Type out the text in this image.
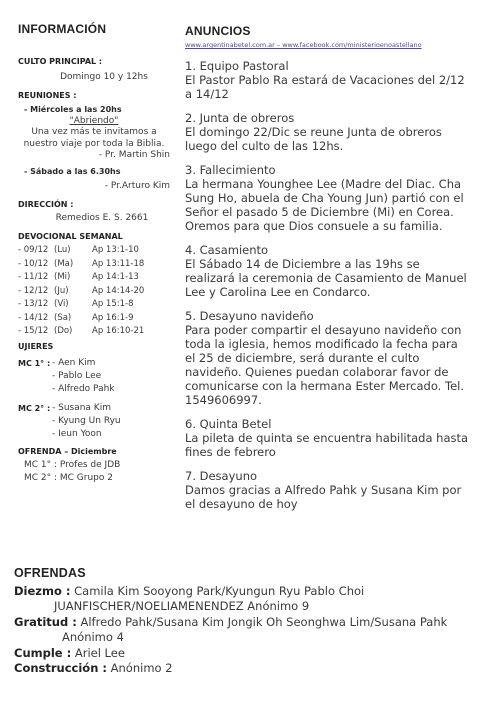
INFORMACIÓN
CULTO PRINCIPAL :
Domingo 10 y 12hs
REUNIONES :
- Miércoles a las 20hs
"Abriendo"
Una vez más te invitamos a nuestro viaje por toda la Biblia.
- Pr. Martin Shin
- Sábado a las 6.30hs
- Pr.Arturo Kim
DIRECCIÓN :
Remedios E. S. 2661
DEVOCIONAL SEMANAL
- 09/12 (Lu)	Ap 13:1-10
- 10/12 (Ma)	Ap 13:11-18
- 11/12 (Mi)	Ap 14:1-13
- 12/12 (Ju)	Ap 14:14-20
- 13/12 (Vi)	Ap 15:1-8
- 14/12 (Sa)	Ap 16:1-9
- 15/12 (Do)	Ap 16:10-21
UJIERES
MC 1° : - Aen Kim
- Pablo Lee
- Alfredo Pahk
MC 2° : - Susana Kim
- Kyung Un Ryu
- Ieun Yoon
OFRENDA – Diciembre
MC 1° : Profes de JDB
MC 2° : MC Grupo 2
ANUNCIOS
www.argentinabetel.com.ar – www.facebook.com/ministerioenoastellano
1. Equipo Pastoral
El Pastor Pablo Ra estará de Vacaciones del 2/12 a 14/12
2. Junta de obreros
El domingo 22/Dic se reune Junta de obreros luego del culto de las 12hs.
3. Fallecimiento
La hermana Younghee Lee (Madre del Diac. Cha Sung Ho, abuela de Cha Young Jun) partió con el Señor el pasado 5 de Diciembre (Mi) en Corea. Oremos para que Dios consuele a su familia.
4. Casamiento
El Sábado 14 de Diciembre a las 19hs se realizará la ceremonia de Casamiento de Manuel Lee y Carolina Lee en Condarco.
5. Desayuno navideño
Para poder compartir el desayuno navideño con toda la iglesia, hemos modificado la fecha para el 25 de diciembre, será durante el culto navideño. Quienes puedan colaborar favor de comunicarse con la hermana Ester Mercado. Tel. 1549606997.
6. Quinta Betel
La pileta de quinta se encuentra habilitada hasta fines de febrero
7. Desayuno
Damos gracias a Alfredo Pahk y Susana Kim por el desayuno de hoy
OFRENDAS
Diezmo : Camila Kim Sooyong Park/Kyungun Ryu Pablo Choi
JUANFISCHER/NOELIAMENENDEZ Anónimo 9
Gratitud : Alfredo Pahk/Susana Kim Jongik Oh Seonghwa Lim/Susana Pahk
Anónimo 4
Cumple : Ariel Lee
Construcción : Anónimo 2
